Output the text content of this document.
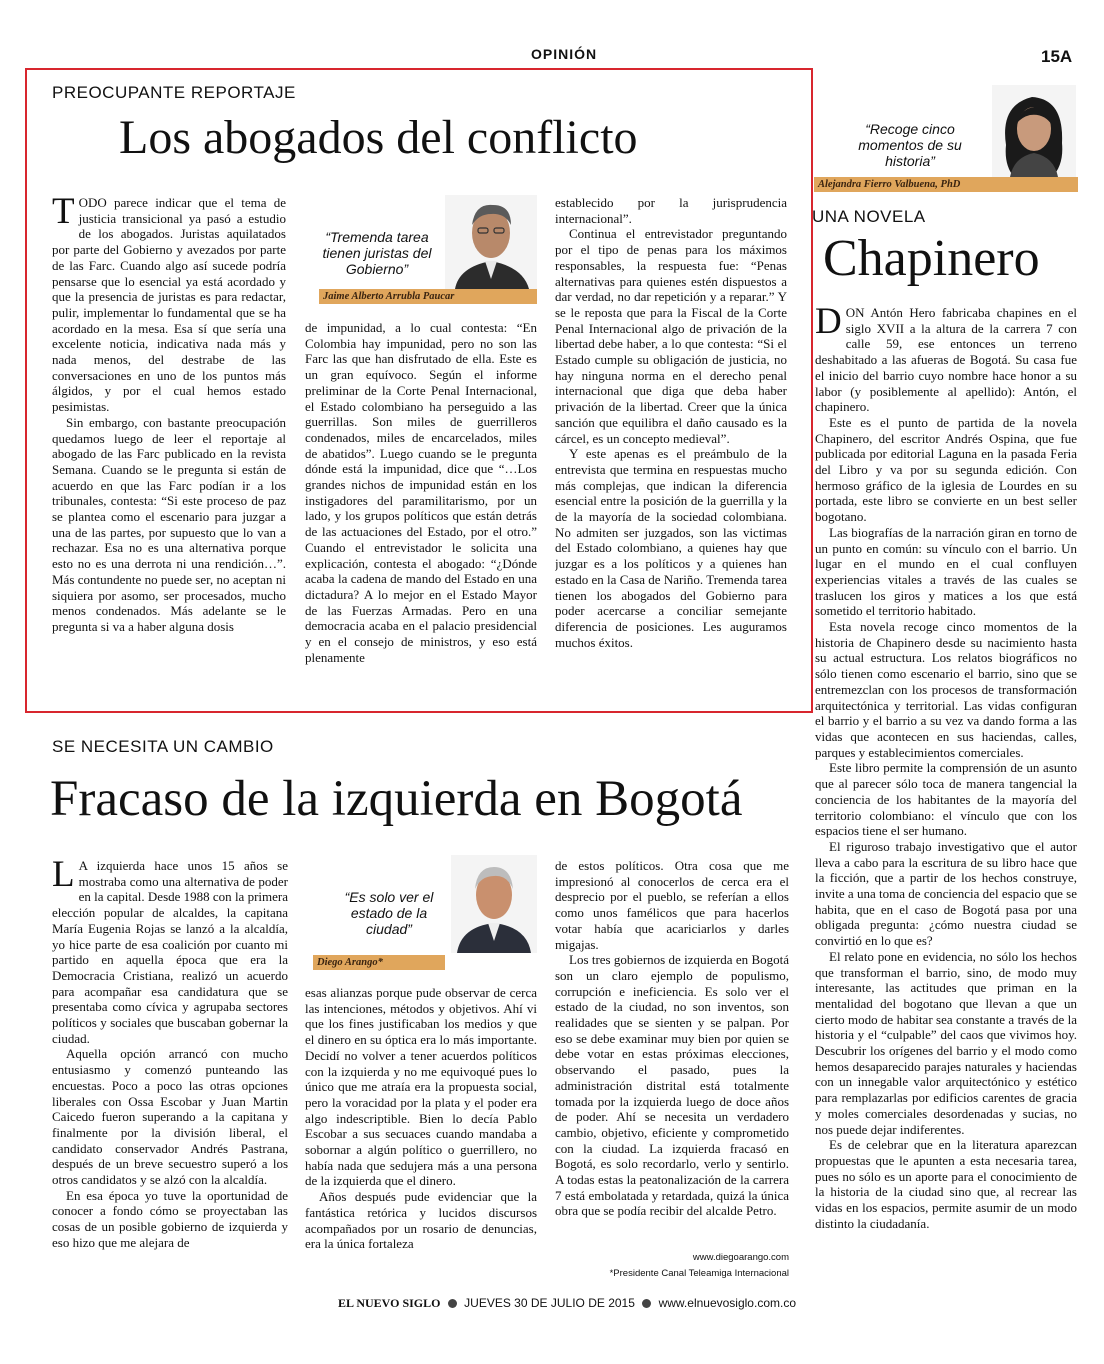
OPINIÓN	15A
PREOCUPANTE REPORTAJE
Los abogados del conflicto
T ODO parece indicar que el tema de justicia transicional ya pasó a estudio de los abogados. Juristas aquilatados por parte del Gobierno y avezados por parte de las Farc. Cuando algo así sucede podría pensarse que lo esencial ya está acordado y que la presencia de juristas es para redactar, pulir, implementar lo fundamental que se ha acordado en la mesa. Esa sí que sería una excelente noticia, indicativa nada más y nada menos, del destrabe de las conversaciones en uno de los puntos más álgidos, y por el cual hemos estado pesimistas.

Sin embargo, con bastante preocupación quedamos luego de leer el reportaje al abogado de las Farc publicado en la revista Semana. Cuando se le pregunta si están de acuerdo en que las Farc podían ir a los tribunales, contesta: “Si este proceso de paz se plantea como el escenario para juzgar a una de las partes, por supuesto que lo van a rechazar. Esa no es una alternativa porque esto no es una derrota ni una rendición…”. Más contundente no puede ser, no aceptan ni siquiera por asomo, ser procesados, mucho menos condenados. Más adelante se le pregunta si va a haber alguna dosis

“Tremenda tarea tienen juristas del Gobierno”
Jaime Alberto Arrubla Paucar

de impunidad, a lo cual contesta: “En Colombia hay impunidad, pero no son las Farc las que han disfrutado de ella. Este es un gran equívoco. Según el informe preliminar de la Corte Penal Internacional, el Estado colombiano ha perseguido a las guerrillas. Son miles de guerrilleros condenados, miles de encarcelados, miles de abatidos”. Luego cuando se le pregunta dónde está la impunidad, dice que “…Los grandes nichos de impunidad están en los instigadores del paramilitarismo, por un lado, y los grupos políticos que están detrás de las actuaciones del Estado, por el otro.” Cuando el entrevistador le solicita una explicación, contesta el abogado: “¿Dónde acaba la cadena de mando del Estado en una dictadura? A lo mejor en el Estado Mayor de las Fuerzas Armadas. Pero en una democracia acaba en el palacio presidencial y en el consejo de ministros, y eso está plenamente

establecido por la jurisprudencia internacional”.

Continua el entrevistador preguntando por el tipo de penas para los máximos responsables, la respuesta fue: “Penas alternativas para quienes estén dispuestos a dar verdad, no dar repetición y a reparar.” Y se le reposta que para la Fiscal de la Corte Penal Internacional algo de privación de la libertad debe haber, a lo que contesta: “Si el Estado cumple su obligación de justicia, no hay ninguna norma en el derecho penal internacional que diga que deba haber privación de la libertad. Creer que la única sanción que equilibra el daño causado es la cárcel, es un concepto medieval”.

Y este apenas es el preámbulo de la entrevista que termina en respuestas mucho más complejas, que indican la diferencia esencial entre la posición de la guerrilla y la de la mayoría de la sociedad colombiana. No admiten ser juzgados, son las victimas del Estado colombiano, a quienes hay que juzgar es a los políticos y a quienes han estado en la Casa de Nariño. Tremenda tarea tienen los abogados del Gobierno para poder acercarse a conciliar semejante diferencia de posiciones. Les auguramos muchos éxitos.

“Recoge cinco momentos de su historia”
Alejandra Fierro Valbuena, PhD
UNA NOVELA
Chapinero
D ON Antón Hero fabricaba chapines en el siglo XVII a la altura de la carrera 7 con calle 59, ese entonces un terreno deshabitado a las afueras de Bogotá. Su casa fue el inicio del barrio cuyo nombre hace honor a su labor (y posiblemente al apellido): Antón, el chapinero.

Este es el punto de partida de la novela Chapinero, del escritor Andrés Ospina, que fue publicada por editorial Laguna en la pasada Feria del Libro y va por su segunda edición. Con hermoso gráfico de la iglesia de Lourdes en su portada, este libro se convierte en un best seller bogotano.

Las biografías de la narración giran en torno de un punto en común: su vínculo con el barrio. Un lugar en el mundo en el cual confluyen experiencias vitales a través de las cuales se traslucen los giros y matices a los que está sometido el territorio habitado.

Esta novela recoge cinco momentos de la historia de Chapinero desde su nacimiento hasta su actual estructura. Los relatos biográficos no sólo tienen como escenario el barrio, sino que se entremezclan con los procesos de transformación arquitectónica y territorial. Las vidas configuran el barrio y el barrio a su vez va dando forma a las vidas que acontecen en sus haciendas, calles, parques y establecimientos comerciales.

Este libro permite la comprensión de un asunto que al parecer sólo toca de manera tangencial la conciencia de los habitantes de la mayoría del territorio colombiano: el vínculo que con los espacios tiene el ser humano.

El riguroso trabajo investigativo que el autor lleva a cabo para la escritura de su libro hace que la ficción, que a partir de los hechos construye, invite a una toma de conciencia del espacio que se habita, que en el caso de Bogotá pasa por una obligada pregunta: ¿cómo nuestra ciudad se convirtió en lo que es?

El relato pone en evidencia, no sólo los hechos que transforman el barrio, sino, de modo muy interesante, las actitudes que priman en la mentalidad del bogotano que llevan a que un cierto modo de habitar sea constante a través de la historia y el “culpable” del caos que vivimos hoy. Descubrir los orígenes del barrio y el modo como hemos desaparecido parajes naturales y haciendas con un innegable valor arquitectónico y estético para remplazarlas por edificios carentes de gracia y moles comerciales desordenadas y sucias, no nos puede dejar indiferentes.

Es de celebrar que en la literatura aparezcan propuestas que le apunten a esta necesaria tarea, pues no sólo es un aporte para el conocimiento de la historia de la ciudad sino que, al recrear las vidas en los espacios, permite asumir de un modo distinto la ciudadanía.

SE NECESITA UN CAMBIO
Fracaso de la izquierda en Bogotá
L A izquierda hace unos 15 años se mostraba como una alternativa de poder en la capital. Desde 1988 con la primera elección popular de alcaldes, la capitana María Eugenia Rojas se lanzó a la alcaldía, yo hice parte de esa coalición por cuanto mi partido en aquella época que era la Democracia Cristiana, realizó un acuerdo para acompañar esa candidatura que se presentaba como cívica y agrupaba sectores políticos y sociales que buscaban gobernar la ciudad.

Aquella opción arrancó con mucho entusiasmo y comenzó punteando las encuestas. Poco a poco las otras opciones liberales con Ossa Escobar y Juan Martin Caicedo fueron superando a la capitana y finalmente por la división liberal, el candidato conservador Andrés Pastrana, después de un breve secuestro superó a los otros candidatos y se alzó con la alcaldía.

En esa época yo tuve la oportunidad de conocer a fondo cómo se proyectaban las cosas de un posible gobierno de izquierda y eso hizo que me alejara de

“Es solo ver el estado de la ciudad”
Diego Arango*

esas alianzas porque pude observar de cerca las intenciones, métodos y objetivos. Ahí vi que los fines justificaban los medios y que el dinero en su óptica era lo más importante. Decidí no volver a tener acuerdos políticos con la izquierda y no me equivoqué pues lo único que me atraía era la propuesta social, pero la voracidad por la plata y el poder era algo indescriptible. Bien lo decía Pablo Escobar a sus secuaces cuando mandaba a sobornar a algún político o guerrillero, no había nada que sedujera más a una persona de la izquierda que el dinero.

Años después pude evidenciar que la fantástica retórica y lucidos discursos acompañados por un rosario de denuncias, era la única fortaleza

de estos políticos. Otra cosa que me impresionó al conocerlos de cerca era el desprecio por el pueblo, se referían a ellos como unos famélicos que para hacerlos votar había que acariciarlos y darles migajas.

Los tres gobiernos de izquierda en Bogotá son un claro ejemplo de populismo, corrupción e ineficiencia. Es solo ver el estado de la ciudad, no son inventos, son realidades que se sienten y se palpan. Por eso se debe examinar muy bien por quien se debe votar en estas próximas elecciones, observando el pasado, pues la administración distrital está totalmente tomada por la izquierda luego de doce años de poder. Ahí se necesita un verdadero cambio, objetivo, eficiente y comprometido con la ciudad. La izquierda fracasó en Bogotá, es solo recordarlo, verlo y sentirlo. A todas estas la peatonalización de la carrera 7 está embolatada y retardada, quizá la única obra que se podía recibir del alcalde Petro.

www.diegoarango.com
*Presidente Canal Teleamiga Internacional
EL NUEVO SIGLO JUEVES 30 DE JULIO DE 2015 www.elnuevosiglo.com.co
